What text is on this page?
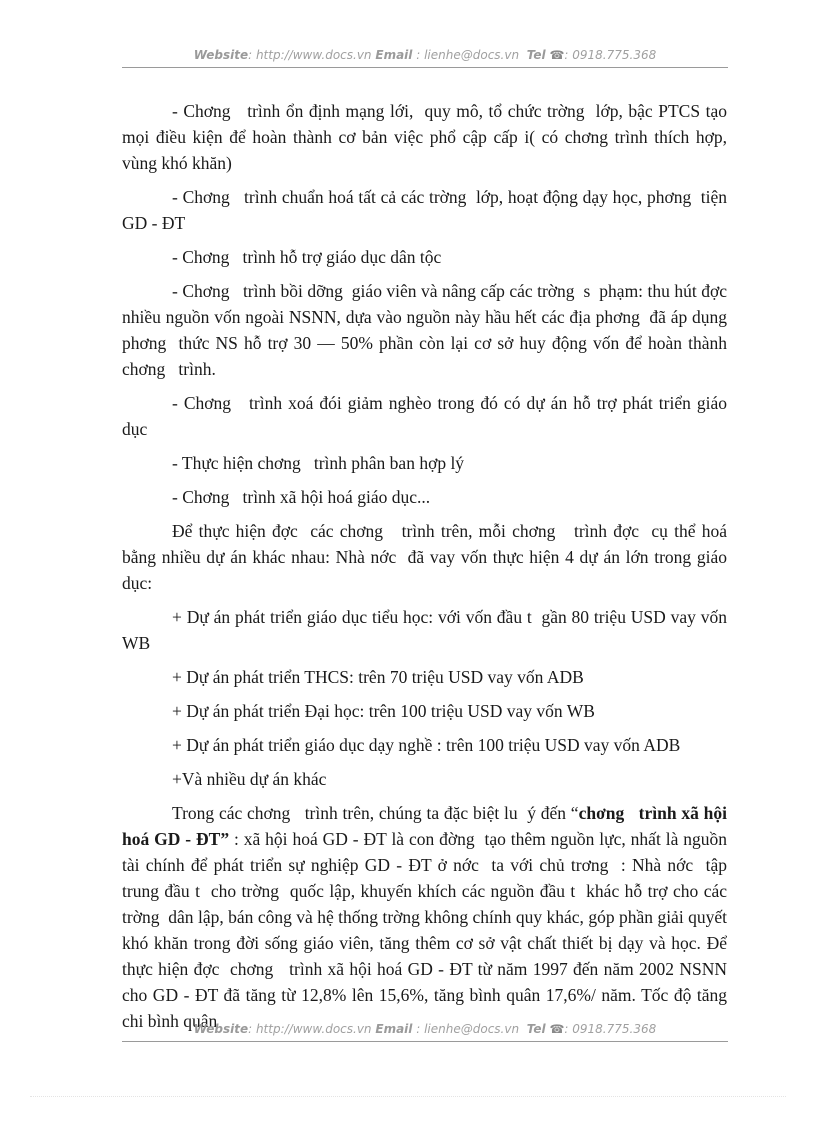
Website: http://www.docs.vn Email : lienhe@docs.vn Tel ☎: 0918.775.368

- Chơng   trình ổn định mạng lới,  quy mô, tổ chức trờng  lớp, bậc PTCS tạo mọi điều kiện để hoàn thành cơ bản việc phổ cập cấp i( có chơng trình thích hợp, vùng khó khăn)

- Chơng   trình chuẩn hoá tất cả các trờng  lớp, hoạt động dạy học, phơng  tiện GD - ĐT

- Chơng   trình hỗ trợ giáo dục dân tộc

- Chơng   trình bồi dỡng  giáo viên và nâng cấp các trờng  s  phạm: thu hút đợc  nhiều nguồn vốn ngoài NSNN, dựa vào nguồn này hầu hết các địa phơng  đã áp dụng phơng  thức NS hỗ trợ 30 — 50% phần còn lại cơ sở huy động vốn để hoàn thành chơng   trình.

- Chơng   trình xoá đói giảm nghèo trong đó có dự án hỗ trợ phát triển giáo dục

- Thực hiện chơng   trình phân ban hợp lý

- Chơng   trình xã hội hoá giáo dục...

Để thực hiện đợc  các chơng   trình trên, mỗi chơng   trình đợc  cụ thể hoá bằng nhiều dự án khác nhau: Nhà nớc  đã vay vốn thực hiện 4 dự án lớn trong giáo dục:

+ Dự án phát triển giáo dục tiểu học: với vốn đầu t  gần 80 triệu USD vay vốn WB

+ Dự án phát triển THCS: trên 70 triệu USD vay vốn ADB

+ Dự án phát triển Đại học: trên 100 triệu USD vay vốn WB

+ Dự án phát triển giáo dục dạy nghề : trên 100 triệu USD vay vốn ADB

+Và nhiều dự án khác

Trong các chơng   trình trên, chúng ta đặc biệt lu  ý đến “chơng   trình xã hội hoá GD - ĐT” : xã hội hoá GD - ĐT là con đờng  tạo thêm nguồn lực, nhất là nguồn tài chính để phát triển sự nghiệp GD - ĐT ở nớc  ta với chủ trơng  : Nhà nớc  tập trung đầu t  cho trờng  quốc lập, khuyến khích các nguồn đầu t  khác hỗ trợ cho các trờng  dân lập, bán công và hệ thống trờng không chính quy khác, góp phần giải quyết khó khăn trong đời sống giáo viên, tăng thêm cơ sở vật chất thiết bị dạy và học. Để thực hiện đợc  chơng   trình xã hội hoá GD - ĐT từ năm 1997 đến năm 2002 NSNN cho GD - ĐT đã tăng từ 12,8% lên 15,6%, tăng bình quân 17,6%/ năm. Tốc độ tăng chi bình quân

Website: http://www.docs.vn Email : lienhe@docs.vn Tel ☎: 0918.775.368
